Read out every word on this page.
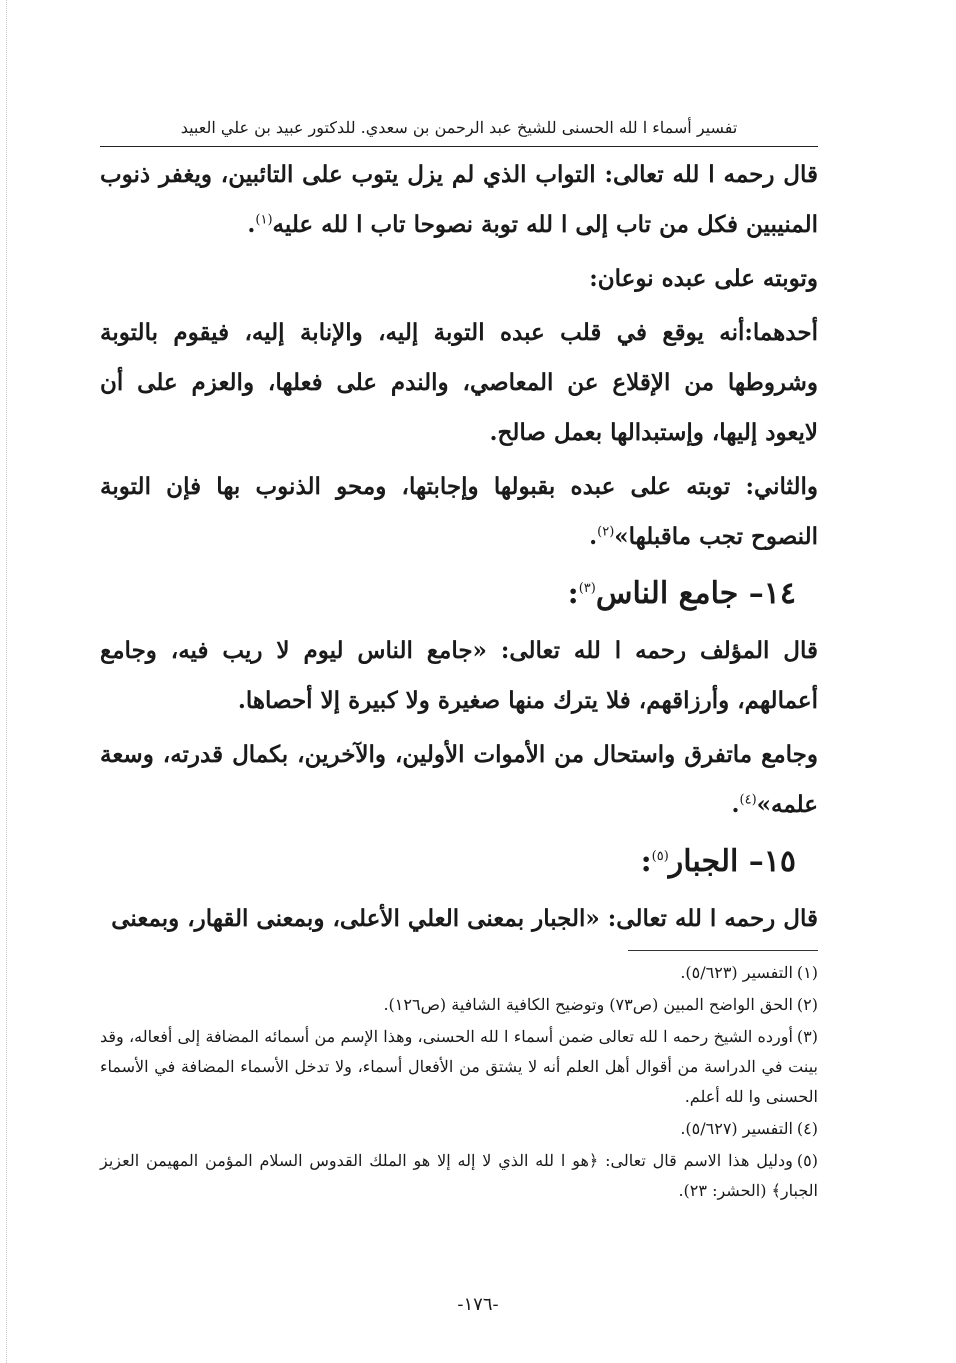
تفسير أسماء ا لله الحسنى للشيخ عبد الرحمن بن سعدي. للدكتور عبيد بن علي العبيد

قال رحمه ا لله تعالى: التواب الذي لم يزل يتوب على التائبين، ويغفر ذنوب المنيبين فكل من تاب إلى ا لله توبة نصوحا تاب ا لله عليه$^{(١)}$.

وتوبته على عبده نوعان:

أحدهما:أنه يوقع في قلب عبده التوبة إليه، والإنابة إليه، فيقوم بالتوبة وشروطها من الإقلاع عن المعاصي، والندم على فعلها، والعزم على أن لايعود إليها، وإستبدالها بعمل صالح.

والثاني: توبته على عبده بقبولها وإجابتها، ومحو الذنوب بها فإن التوبة النصوح تجب ماقبلها»$^{(٢)}$.

١٤– جامع الناس$^{(٣)}$:

قال المؤلف رحمه ا لله تعالى: «جامع الناس ليوم لا ريب فيه، وجامع أعمالهم، وأرزاقهم، فلا يترك منها صغيرة ولا كبيرة إلا أحصاها.

وجامع ماتفرق واستحال من الأموات الأولين، والآخرين، بكمال قدرته، وسعة علمه»$^{(٤)}$.

١٥– الجبار$^{(٥)}$:

قال رحمه ا لله تعالى: «الجبار بمعنى العلي الأعلى، وبمعنى القهار، وبمعنى

(١)التفسير (٥/٦٢٣).

(٢)الحق الواضح المبين (ص٧٣) وتوضيح الكافية الشافية (ص١٢٦).

(٣)أورده الشيخ رحمه ا لله تعالى ضمن أسماء ا لله الحسنى، وهذا الإسم من أسمائه المضافة إلى أفعاله، وقد بينت في الدراسة من أقوال أهل العلم أنه لا يشتق من الأفعال أسماء، ولا تدخل الأسماء المضافة في الأسماء الحسنى وا لله أعلم.

(٤)التفسير (٥/٦٢٧).

(٥)ودليل هذا الاسم قال تعالى: ﴿هو ا لله الذي لا إله إلا هو الملك القدوس السلام المؤمن المهيمن العزيز الجبار﴾ (الحشر: ٢٣).

-١٧٦-
